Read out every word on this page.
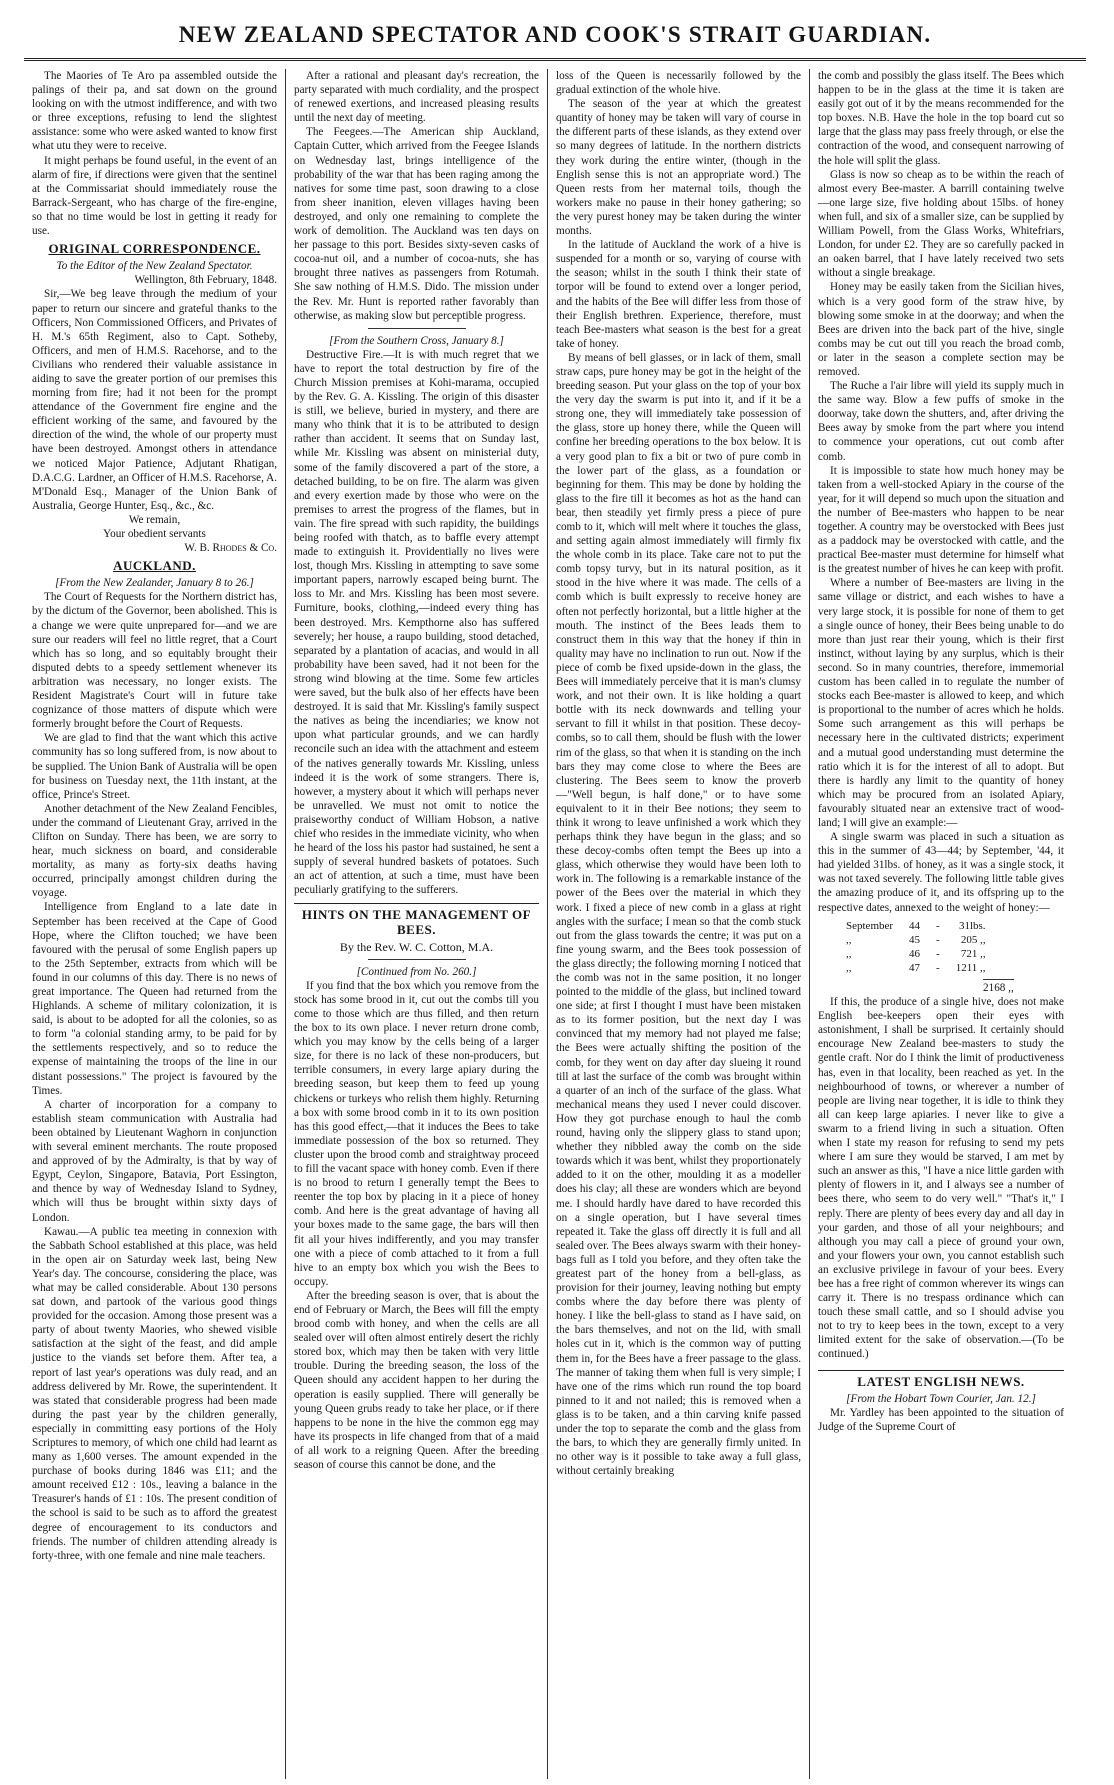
NEW ZEALAND SPECTATOR AND COOK'S STRAIT GUARDIAN.

The Maories of Te Aro pa assembled outside the palings of their pa, and sat down on the ground looking on with the utmost indifference, and with two or three exceptions, refusing to lend the slightest assistance: some who were asked wanted to know first what utu they were to receive.

It might perhaps be found useful, in the event of an alarm of fire, if directions were given that the sentinel at the Commissariat should immediately rouse the Barrack-Sergeant, who has charge of the fire-engine, so that no time would be lost in getting it ready for use.

ORIGINAL CORRESPONDENCE.

To the Editor of the New Zealand Spectator.

Wellington, 8th February, 1848.

Sir,—We beg leave through the medium of your paper to return our sincere and grateful thanks to the Officers, Non Commissioned Officers, and Privates of H. M.'s 65th Regiment, also to Capt. Sotheby, Officers, and men of H.M.S. Racehorse, and to the Civilians who rendered their valuable assistance in aiding to save the greater portion of our premises this morning from fire; had it not been for the prompt attendance of the Government fire engine and the efficient working of the same, and favoured by the direction of the wind, the whole of our property must have been destroyed. Amongst others in attendance we noticed Major Patience, Adjutant Rhatigan, D.A.C.G. Lardner, an Officer of H.M.S. Racehorse, A. M'Donald Esq., Manager of the Union Bank of Australia, George Hunter, Esq., &c., &c.

We remain,

Your obedient servants

W. B. Rhodes & Co.

AUCKLAND.

[From the New Zealander, January 8 to 26.]

The Court of Requests for the Northern district has, by the dictum of the Governor, been abolished. This is a change we were quite unprepared for—and we are sure our readers will feel no little regret, that a Court which has so long, and so equitably brought their disputed debts to a speedy settlement whenever its arbitration was necessary, no longer exists. The Resident Magistrate's Court will in future take cognizance of those matters of dispute which were formerly brought before the Court of Requests.

We are glad to find that the want which this active community has so long suffered from, is now about to be supplied. The Union Bank of Australia will be open for business on Tuesday next, the 11th instant, at the office, Prince's Street.

Another detachment of the New Zealand Fencibles, under the command of Lieutenant Gray, arrived in the Clifton on Sunday. There has been, we are sorry to hear, much sickness on board, and considerable mortality, as many as forty-six deaths having occurred, principally amongst children during the voyage.

Intelligence from England to a late date in September has been received at the Cape of Good Hope, where the Clifton touched; we have been favoured with the perusal of some English papers up to the 25th September, extracts from which will be found in our columns of this day. There is no news of great importance. The Queen had returned from the Highlands. A scheme of military colonization, it is said, is about to be adopted for all the colonies, so as to form "a colonial standing army, to be paid for by the settlements respectively, and so to reduce the expense of maintaining the troops of the line in our distant possessions." The project is favoured by the Times.

A charter of incorporation for a company to establish steam communication with Australia had been obtained by Lieutenant Waghorn in conjunction with several eminent merchants. The route proposed and approved of by the Admiralty, is that by way of Egypt, Ceylon, Singapore, Batavia, Port Essington, and thence by way of Wednesday Island to Sydney, which will thus be brought within sixty days of London.

Kawau.—A public tea meeting in connexion with the Sabbath School established at this place, was held in the open air on Saturday week last, being New Year's day. The concourse, considering the place, was what may be called considerable. About 130 persons sat down, and partook of the various good things provided for the occasion. Among those present was a party of about twenty Maories, who shewed visible satisfaction at the sight of the feast, and did ample justice to the viands set before them. After tea, a report of last year's operations was duly read, and an address delivered by Mr. Rowe, the superintendent. It was stated that considerable progress had been made during the past year by the children generally, especially in committing easy portions of the Holy Scriptures to memory, of which one child had learnt as many as 1,600 verses. The amount expended in the purchase of books during 1846 was £11; and the amount received £12 : 10s., leaving a balance in the Treasurer's hands of £1 : 10s. The present condition of the school is said to be such as to afford the greatest degree of encouragement to its conductors and friends. The number of children attending already is forty-three, with one female and nine male teachers.

After a rational and pleasant day's recreation, the party separated with much cordiality, and the prospect of renewed exertions, and increased pleasing results until the next day of meeting.

The Feegees.—The American ship Auckland, Captain Cutter, which arrived from the Feegee Islands on Wednesday last, brings intelligence of the probability of the war that has been raging among the natives for some time past, soon drawing to a close from sheer inanition, eleven villages having been destroyed, and only one remaining to complete the work of demolition. The Auckland was ten days on her passage to this port. Besides sixty-seven casks of cocoa-nut oil, and a number of cocoa-nuts, she has brought three natives as passengers from Rotumah. She saw nothing of H.M.S. Dido. The mission under the Rev. Mr. Hunt is reported rather favorably than otherwise, as making slow but perceptible progress.

[From the Southern Cross, January 8.]

Destructive Fire.—It is with much regret that we have to report the total destruction by fire of the Church Mission premises at Kohi-marama, occupied by the Rev. G. A. Kissling. The origin of this disaster is still, we believe, buried in mystery, and there are many who think that it is to be attributed to design rather than accident. It seems that on Sunday last, while Mr. Kissling was absent on ministerial duty, some of the family discovered a part of the store, a detached building, to be on fire. The alarm was given and every exertion made by those who were on the premises to arrest the progress of the flames, but in vain. The fire spread with such rapidity, the buildings being roofed with thatch, as to baffle every attempt made to extinguish it. Providentially no lives were lost, though Mrs. Kissling in attempting to save some important papers, narrowly escaped being burnt. The loss to Mr. and Mrs. Kissling has been most severe. Furniture, books, clothing,—indeed every thing has been destroyed. Mrs. Kempthorne also has suffered severely; her house, a raupo building, stood detached, separated by a plantation of acacias, and would in all probability have been saved, had it not been for the strong wind blowing at the time. Some few articles were saved, but the bulk also of her effects have been destroyed. It is said that Mr. Kissling's family suspect the natives as being the incendiaries; we know not upon what particular grounds, and we can hardly reconcile such an idea with the attachment and esteem of the natives generally towards Mr. Kissling, unless indeed it is the work of some strangers. There is, however, a mystery about it which will perhaps never be unravelled. We must not omit to notice the praiseworthy conduct of William Hobson, a native chief who resides in the immediate vicinity, who when he heard of the loss his pastor had sustained, he sent a supply of several hundred baskets of potatoes. Such an act of attention, at such a time, must have been peculiarly gratifying to the sufferers.

HINTS ON THE MANAGEMENT OF BEES.
By the Rev. W. C. Cotton, M.A.

[Continued from No. 260.]

If you find that the box which you remove from the stock has some brood in it, cut out the combs till you come to those which are thus filled, and then return the box to its own place. I never return drone comb, which you may know by the cells being of a larger size, for there is no lack of these non-producers, but terrible consumers, in every large apiary during the breeding season, but keep them to feed up young chickens or turkeys who relish them highly. Returning a box with some brood comb in it to its own position has this good effect,—that it induces the Bees to take immediate possession of the box so returned. They cluster upon the brood comb and straightway proceed to fill the vacant space with honey comb. Even if there is no brood to return I generally tempt the Bees to reenter the top box by placing in it a piece of honey comb. And here is the great advantage of having all your boxes made to the same gage, the bars will then fit all your hives indifferently, and you may transfer one with a piece of comb attached to it from a full hive to an empty box which you wish the Bees to occupy.

After the breeding season is over, that is about the end of February or March, the Bees will fill the empty brood comb with honey, and when the cells are all sealed over will often almost entirely desert the richly stored box, which may then be taken with very little trouble. During the breeding season, the loss of the Queen should any accident happen to her during the operation is easily supplied. There will generally be young Queen grubs ready to take her place, or if there happens to be none in the hive the common egg may have its prospects in life changed from that of a maid of all work to a reigning Queen. After the breeding season of course this cannot be done, and the

loss of the Queen is necessarily followed by the gradual extinction of the whole hive.

The season of the year at which the greatest quantity of honey may be taken will vary of course in the different parts of these islands, as they extend over so many degrees of latitude. In the northern districts they work during the entire winter, (though in the English sense this is not an appropriate word.) The Queen rests from her maternal toils, though the workers make no pause in their honey gathering; so the very purest honey may be taken during the winter months.

In the latitude of Auckland the work of a hive is suspended for a month or so, varying of course with the season; whilst in the south I think their state of torpor will be found to extend over a longer period, and the habits of the Bee will differ less from those of their English brethren. Experience, therefore, must teach Bee-masters what season is the best for a great take of honey.

By means of bell glasses, or in lack of them, small straw caps, pure honey may be got in the height of the breeding season. Put your glass on the top of your box the very day the swarm is put into it, and if it be a strong one, they will immediately take possession of the glass, store up honey there, while the Queen will confine her breeding operations to the box below. It is a very good plan to fix a bit or two of pure comb in the lower part of the glass, as a foundation or beginning for them. This may be done by holding the glass to the fire till it becomes as hot as the hand can bear, then steadily yet firmly press a piece of pure comb to it, which will melt where it touches the glass, and setting again almost immediately will firmly fix the whole comb in its place. Take care not to put the comb topsy turvy, but in its natural position, as it stood in the hive where it was made. The cells of a comb which is built expressly to receive honey are often not perfectly horizontal, but a little higher at the mouth. The instinct of the Bees leads them to construct them in this way that the honey if thin in quality may have no inclination to run out. Now if the piece of comb be fixed upside-down in the glass, the Bees will immediately perceive that it is man's clumsy work, and not their own. It is like holding a quart bottle with its neck downwards and telling your servant to fill it whilst in that position. These decoy-combs, so to call them, should be flush with the lower rim of the glass, so that when it is standing on the inch bars they may come close to where the Bees are clustering. The Bees seem to know the proverb—"Well begun, is half done," or to have some equivalent to it in their Bee notions; they seem to think it wrong to leave unfinished a work which they perhaps think they have begun in the glass; and so these decoy-combs often tempt the Bees up into a glass, which otherwise they would have been loth to work in. The following is a remarkable instance of the power of the Bees over the material in which they work. I fixed a piece of new comb in a glass at right angles with the surface; I mean so that the comb stuck out from the glass towards the centre; it was put on a fine young swarm, and the Bees took possession of the glass directly; the following morning I noticed that the comb was not in the same position, it no longer pointed to the middle of the glass, but inclined toward one side; at first I thought I must have been mistaken as to its former position, but the next day I was convinced that my memory had not played me false; the Bees were actually shifting the position of the comb, for they went on day after day slueing it round till at last the surface of the comb was brought within a quarter of an inch of the surface of the glass. What mechanical means they used I never could discover. How they got purchase enough to haul the comb round, having only the slippery glass to stand upon; whether they nibbled away the comb on the side towards which it was bent, whilst they proportionately added to it on the other, moulding it as a modeller does his clay; all these are wonders which are beyond me. I should hardly have dared to have recorded this on a single operation, but I have several times repeated it. Take the glass off directly it is full and all sealed over. The Bees always swarm with their honey-bags full as I told you before, and they often take the greatest part of the honey from a bell-glass, as provision for their journey, leaving nothing but empty combs where the day before there was plenty of honey. I like the bell-glass to stand as I have said, on the bars themselves, and not on the lid, with small holes cut in it, which is the common way of putting them in, for the Bees have a freer passage to the glass. The manner of taking them when full is very simple; I have one of the rims which run round the top board pinned to it and not nailed; this is removed when a glass is to be taken, and a thin carving knife passed under the top to separate the comb and the glass from the bars, to which they are generally firmly united. In no other way is it possible to take away a full glass, without certainly breaking

the comb and possibly the glass itself. The Bees which happen to be in the glass at the time it is taken are easily got out of it by the means recommended for the top boxes. N.B. Have the hole in the top board cut so large that the glass may pass freely through, or else the contraction of the wood, and consequent narrowing of the hole will split the glass.

Glass is now so cheap as to be within the reach of almost every Bee-master. A barrill containing twelve—one large size, five holding about 15lbs. of honey when full, and six of a smaller size, can be supplied by William Powell, from the Glass Works, Whitefriars, London, for under £2. They are so carefully packed in an oaken barrel, that I have lately received two sets without a single breakage.

Honey may be easily taken from the Sicilian hives, which is a very good form of the straw hive, by blowing some smoke in at the doorway; and when the Bees are driven into the back part of the hive, single combs may be cut out till you reach the broad comb, or later in the season a complete section may be removed.

The Ruche a l'air libre will yield its supply much in the same way. Blow a few puffs of smoke in the doorway, take down the shutters, and, after driving the Bees away by smoke from the part where you intend to commence your operations, cut out comb after comb.

It is impossible to state how much honey may be taken from a well-stocked Apiary in the course of the year, for it will depend so much upon the situation and the number of Bee-masters who happen to be near together. A country may be overstocked with Bees just as a paddock may be overstocked with cattle, and the practical Bee-master must determine for himself what is the greatest number of hives he can keep with profit.

Where a number of Bee-masters are living in the same village or district, and each wishes to have a very large stock, it is possible for none of them to get a single ounce of honey, their Bees being unable to do more than just rear their young, which is their first instinct, without laying by any surplus, which is their second. So in many countries, therefore, immemorial custom has been called in to regulate the number of stocks each Bee-master is allowed to keep, and which is proportional to the number of acres which he holds. Some such arrangement as this will perhaps be necessary here in the cultivated districts; experiment and a mutual good understanding must determine the ratio which it is for the interest of all to adopt. But there is hardly any limit to the quantity of honey which may be procured from an isolated Apiary, favourably situated near an extensive tract of wood-land; I will give an example:—

A single swarm was placed in such a situation as this in the summer of 43—44; by September, '44, it had yielded 31lbs. of honey, as it was a single stock, it was not taxed severely. The following little table gives the amazing produce of it, and its offspring up to the respective dates, annexed to the weight of honey:—

September	44	-	31lbs.
,,	45	-	205 ,,
,,	46	-	721 ,,
,,	47	-	1211 ,,
2168 ,,

If this, the produce of a single hive, does not make English bee-keepers open their eyes with astonishment, I shall be surprised. It certainly should encourage New Zealand bee-masters to study the gentle craft. Nor do I think the limit of productiveness has, even in that locality, been reached as yet. In the neighbourhood of towns, or wherever a number of people are living near together, it is idle to think they all can keep large apiaries. I never like to give a swarm to a friend living in such a situation. Often when I state my reason for refusing to send my pets where I am sure they would be starved, I am met by such an answer as this, "I have a nice little garden with plenty of flowers in it, and I always see a number of bees there, who seem to do very well." "That's it," I reply. There are plenty of bees every day and all day in your garden, and those of all your neighbours; and although you may call a piece of ground your own, and your flowers your own, you cannot establish such an exclusive privilege in favour of your bees. Every bee has a free right of common wherever its wings can carry it. There is no trespass ordinance which can touch these small cattle, and so I should advise you not to try to keep bees in the town, except to a very limited extent for the sake of observation.—(To be continued.)

LATEST ENGLISH NEWS.

[From the Hobart Town Courier, Jan. 12.]

Mr. Yardley has been appointed to the situation of Judge of the Supreme Court of
